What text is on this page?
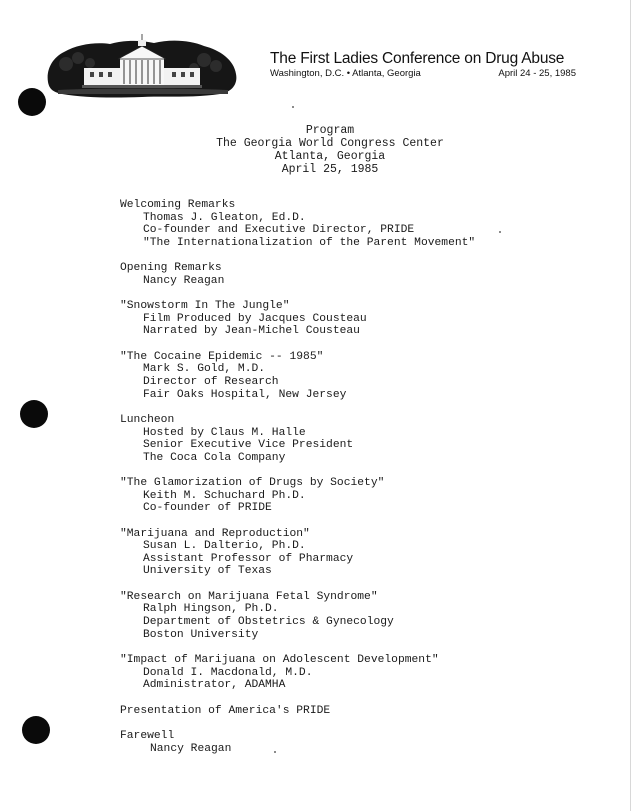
The First Ladies Conference on Drug Abuse
Washington, D.C. • Atlanta, Georgia	April 24 - 25, 1985
Program
The Georgia World Congress Center
Atlanta, Georgia
April 25, 1985
Welcoming Remarks
Thomas J. Gleaton, Ed.D.
Co-founder and Executive Director, PRIDE
"The Internationalization of the Parent Movement"
Opening Remarks
Nancy Reagan
"Snowstorm In The Jungle"
Film Produced by Jacques Cousteau
Narrated by Jean-Michel Cousteau
"The Cocaine Epidemic -- 1985"
Mark S. Gold, M.D.
Director of Research
Fair Oaks Hospital, New Jersey
Luncheon
Hosted by Claus M. Halle
Senior Executive Vice President
The Coca Cola Company
"The Glamorization of Drugs by Society"
Keith M. Schuchard Ph.D.
Co-founder of PRIDE
"Marijuana and Reproduction"
Susan L. Dalterio, Ph.D.
Assistant Professor of Pharmacy
University of Texas
"Research on Marijuana Fetal Syndrome"
Ralph Hingson, Ph.D.
Department of Obstetrics & Gynecology
Boston University
"Impact of Marijuana on Adolescent Development"
Donald I. Macdonald, M.D.
Administrator, ADAMHA
Presentation of America's PRIDE
Farewell
Nancy Reagan
